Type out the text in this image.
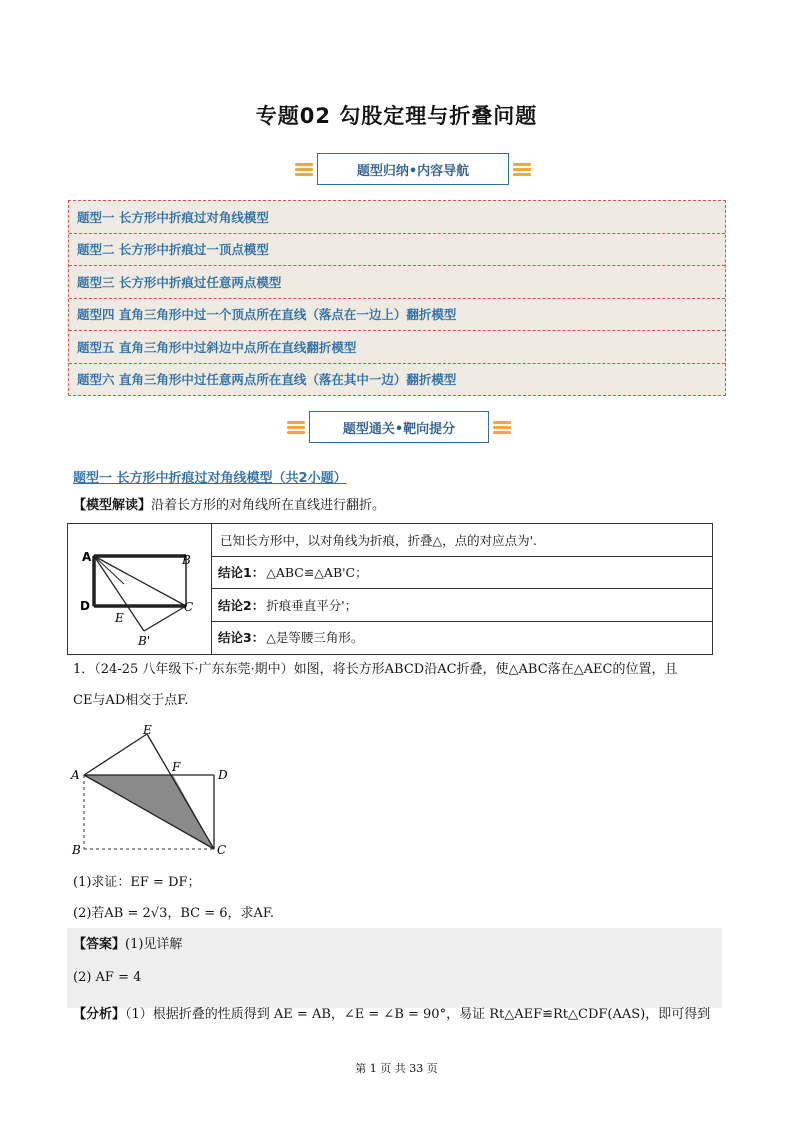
专题02 勾股定理与折叠问题
题型归纳•内容导航
题型一 长方形中折痕过对角线模型
题型二 长方形中折痕过一顶点模型
题型三 长方形中折痕过任意两点模型
题型四 直角三角形中过一个顶点所在直线（落点在一边上）翻折模型
题型五 直角三角形中过斜边中点所在直线翻折模型
题型六 直角三角形中过任意两点所在直线（落在其中一边）翻折模型
题型通关•靶向提分
题型一 长方形中折痕过对角线模型（共2小题）
【模型解读】沿着长方形的对角线所在直线进行翻折。
A	B
D
E
C
B'
已知长方形中，以对角线为折痕，折叠△，点的对应点为'.
结论1： △ABC≌△AB'C；
结论2： 折痕垂直平分'；
结论3： △是等腰三角形。
1．（24-25 八年级下·广东东莞·期中）如图，将长方形ABCD沿AC折叠，使△ABC落在△AEC的位置，且
CE与AD相交于点F.
E
A
F
D
B	C
(1)求证：EF = DF；
(2)若AB = 2√3，BC = 6，求AF.
【答案】(1)见详解
(2) AF = 4
【分析】（1）根据折叠的性质得到 AE = AB，∠E = ∠B = 90°，易证 Rt△AEF≌Rt△CDF(AAS)，即可得到
第 1 页 共 33 页
